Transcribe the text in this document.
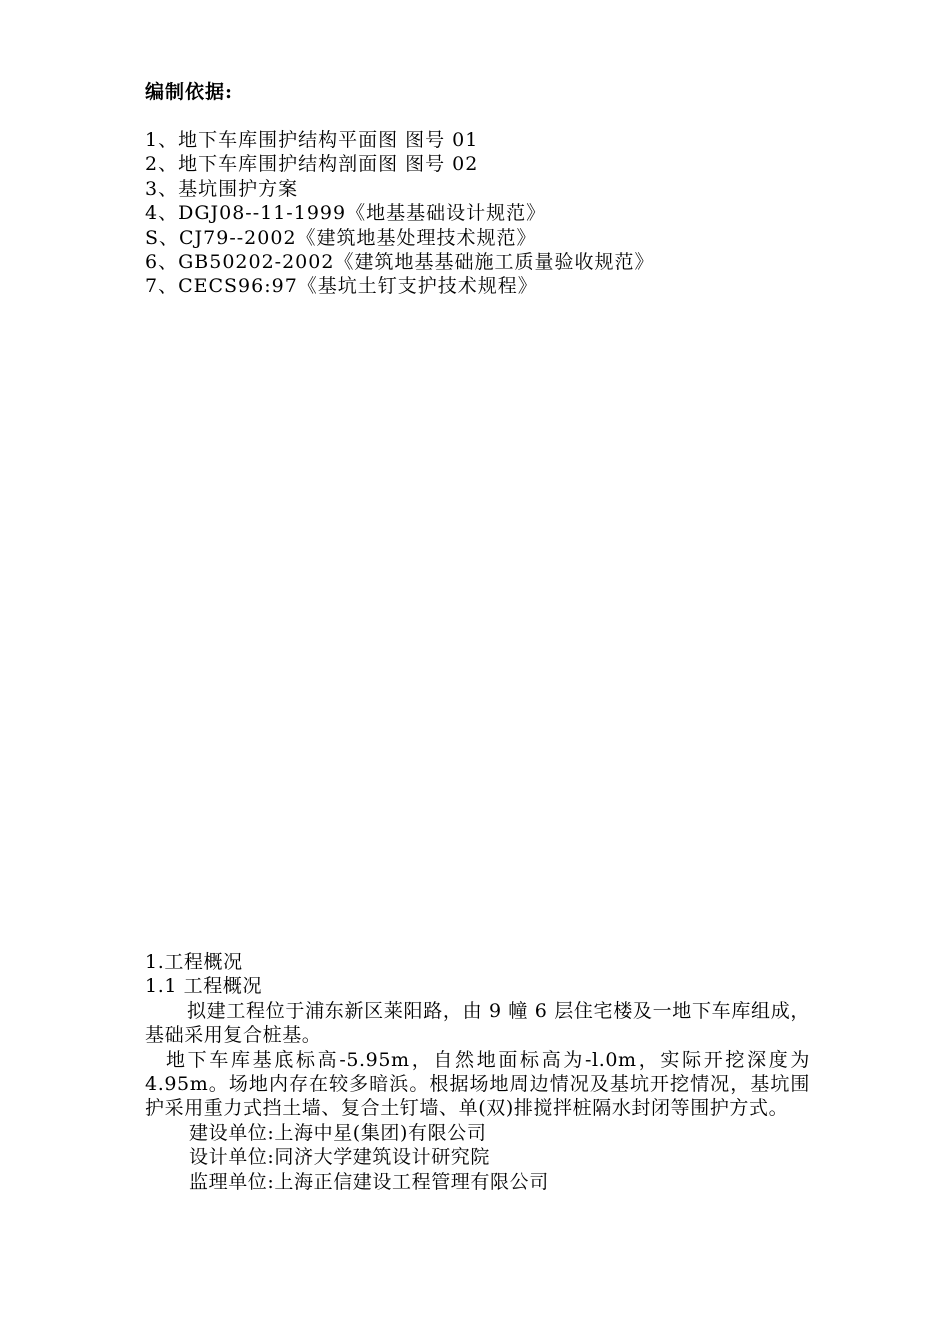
编制依据:
1、地下车库围护结构平面图 图号 01
2、地下车库围护结构剖面图 图号 02
3、基坑围护方案
4、DGJ08--11-1999《地基基础设计规范》
S、CJ79--2002《建筑地基处理技术规范》
6、GB50202-2002《建筑地基基础施工质量验收规范》
7、CECS96:97《基坑土钉支护技术规程》

1.工程概况

1.1 工程概况

拟建工程位于浦东新区莱阳路，由 9 幢 6 层住宅楼及一地下车库组成，基础采用复合桩基。

地下车库基底标高-5.95m，自然地面标高为-l.0m，实际开挖深度为4.95m。场地内存在较多暗浜。根据场地周边情况及基坑开挖情况，基坑围护采用重力式挡土墙、复合土钉墙、单(双)排搅拌桩隔水封闭等围护方式。

建设单位:上海中星(集团)有限公司

设计单位:同济大学建筑设计研究院

监理单位:上海正信建设工程管理有限公司
